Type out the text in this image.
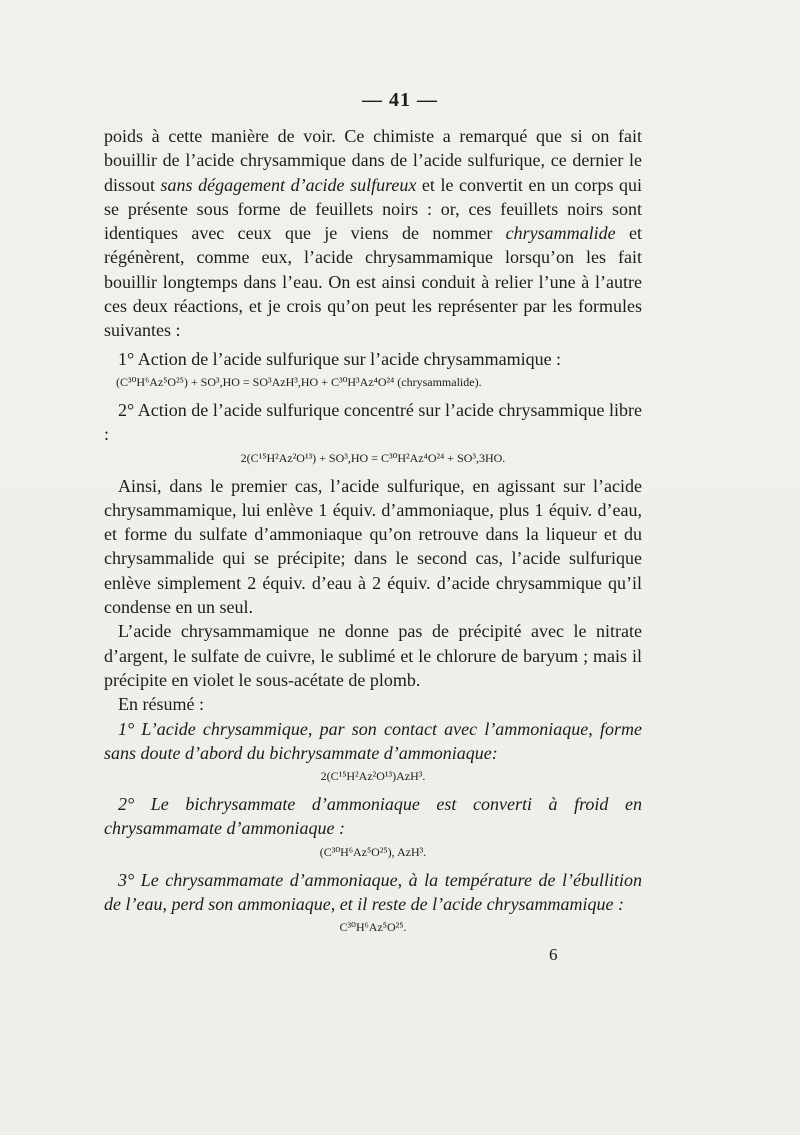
— 41 —

poids à cette manière de voir. Ce chimiste a remarqué que si on fait bouillir de l’acide chrysammique dans de l’acide sulfurique, ce dernier le dissout sans dégagement d’acide sulfureux et le convertit en un corps qui se présente sous forme de feuillets noirs : or, ces feuillets noirs sont identiques avec ceux que je viens de nommer chrysammalide et régénèrent, comme eux, l’acide chrysammamique lorsqu’on les fait bouillir longtemps dans l’eau. On est ainsi conduit à relier l’une à l’autre ces deux réactions, et je crois qu’on peut les représenter par les formules suivantes :

1° Action de l’acide sulfurique sur l’acide chrysammamique :

(C³⁰H⁶Az⁵O²⁵) + SO³,HO = SO³AzH³,HO + C³⁰H³Az⁴O²⁴ (chrysammalide).

2° Action de l’acide sulfurique concentré sur l’acide chrysammique libre :

2(C¹⁵H²Az²O¹³) + SO³,HO = C³⁰H²Az⁴O²⁴ + SO³,3HO.

Ainsi, dans le premier cas, l’acide sulfurique, en agissant sur l’acide chrysammamique, lui enlève 1 équiv. d’ammoniaque, plus 1 équiv. d’eau, et forme du sulfate d’ammoniaque qu’on retrouve dans la liqueur et du chrysammalide qui se précipite; dans le second cas, l’acide sulfurique enlève simplement 2 équiv. d’eau à 2 équiv. d’acide chrysammique qu’il condense en un seul.

L’acide chrysammamique ne donne pas de précipité avec le nitrate d’argent, le sulfate de cuivre, le sublimé et le chlorure de baryum ; mais il précipite en violet le sous-acétate de plomb.

En résumé :

1° L’acide chrysammique, par son contact avec l’ammoniaque, forme sans doute d’abord du bichrysammate d’ammoniaque:

2(C¹⁵H²Az²O¹³)AzH³.

2° Le bichrysammate d’ammoniaque est converti à froid en chrysammamate d’ammoniaque :

(C³⁰H⁶Az⁵O²⁵), AzH³.

3° Le chrysammamate d’ammoniaque, à la température de l’ébullition de l’eau, perd son ammoniaque, et il reste de l’acide chrysammamique :

C³⁰H⁶Az⁵O²⁵.
6
